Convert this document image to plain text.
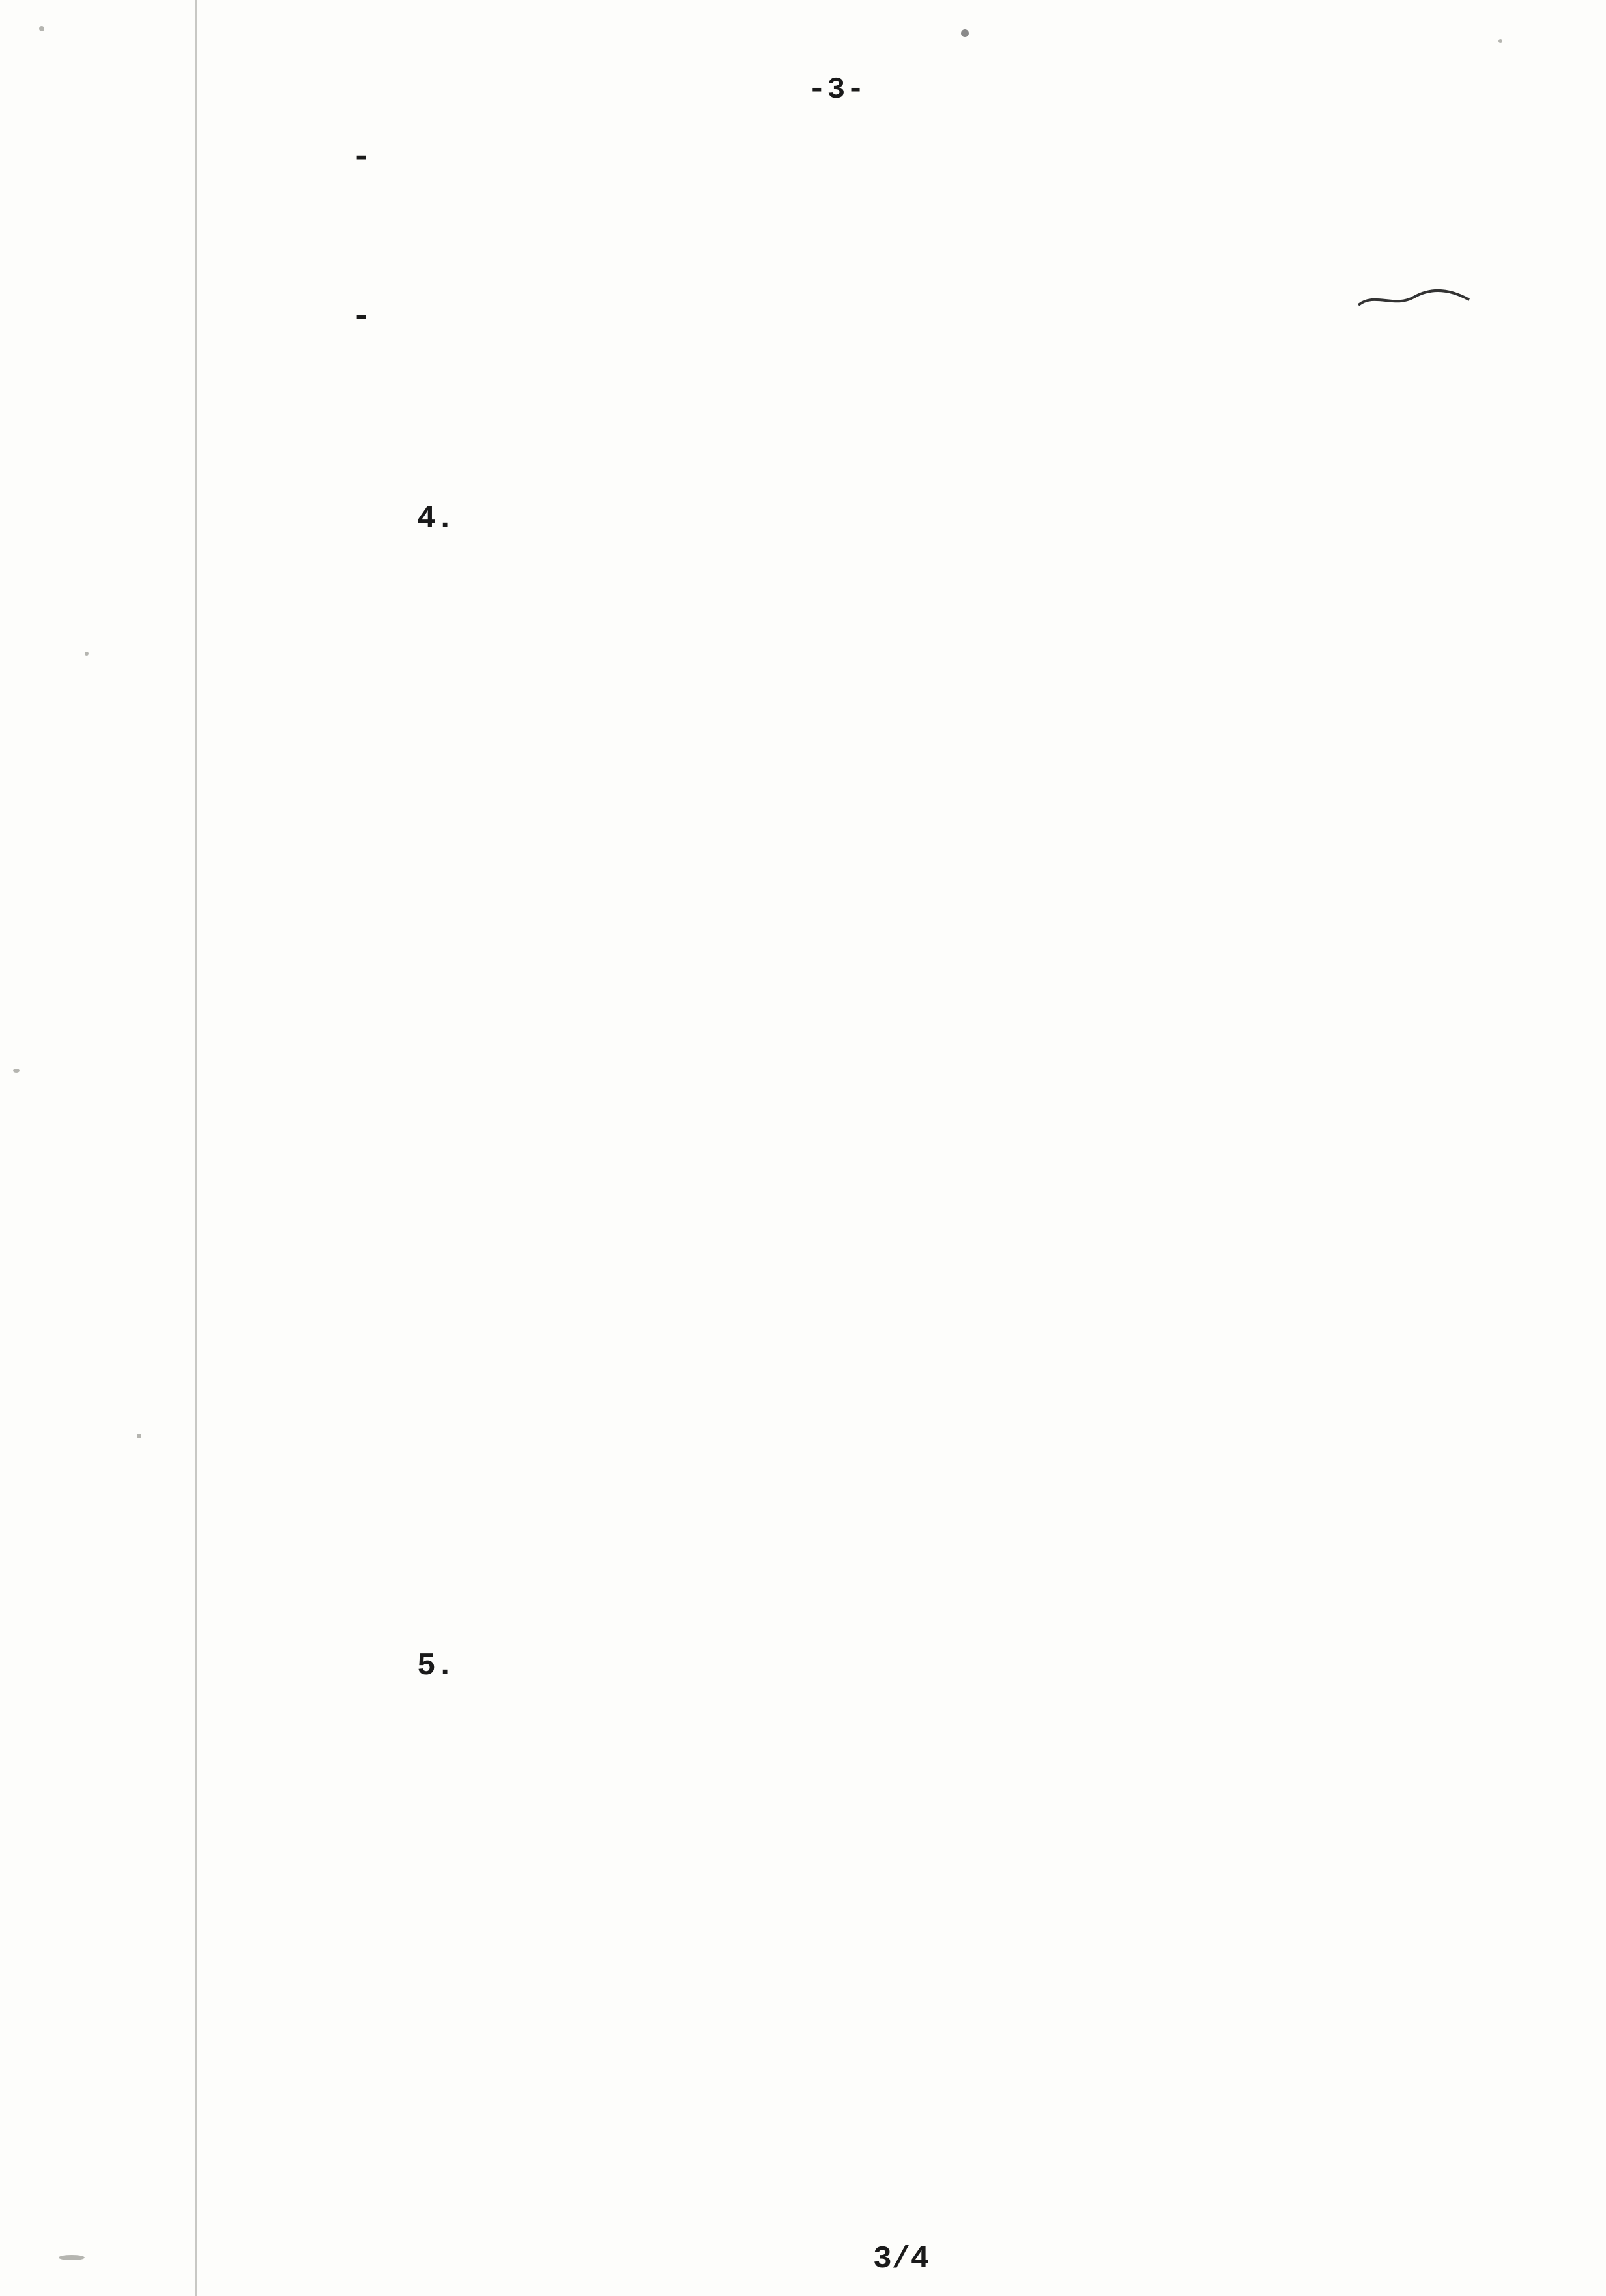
-3-
-
-
4.
5.
3/4
